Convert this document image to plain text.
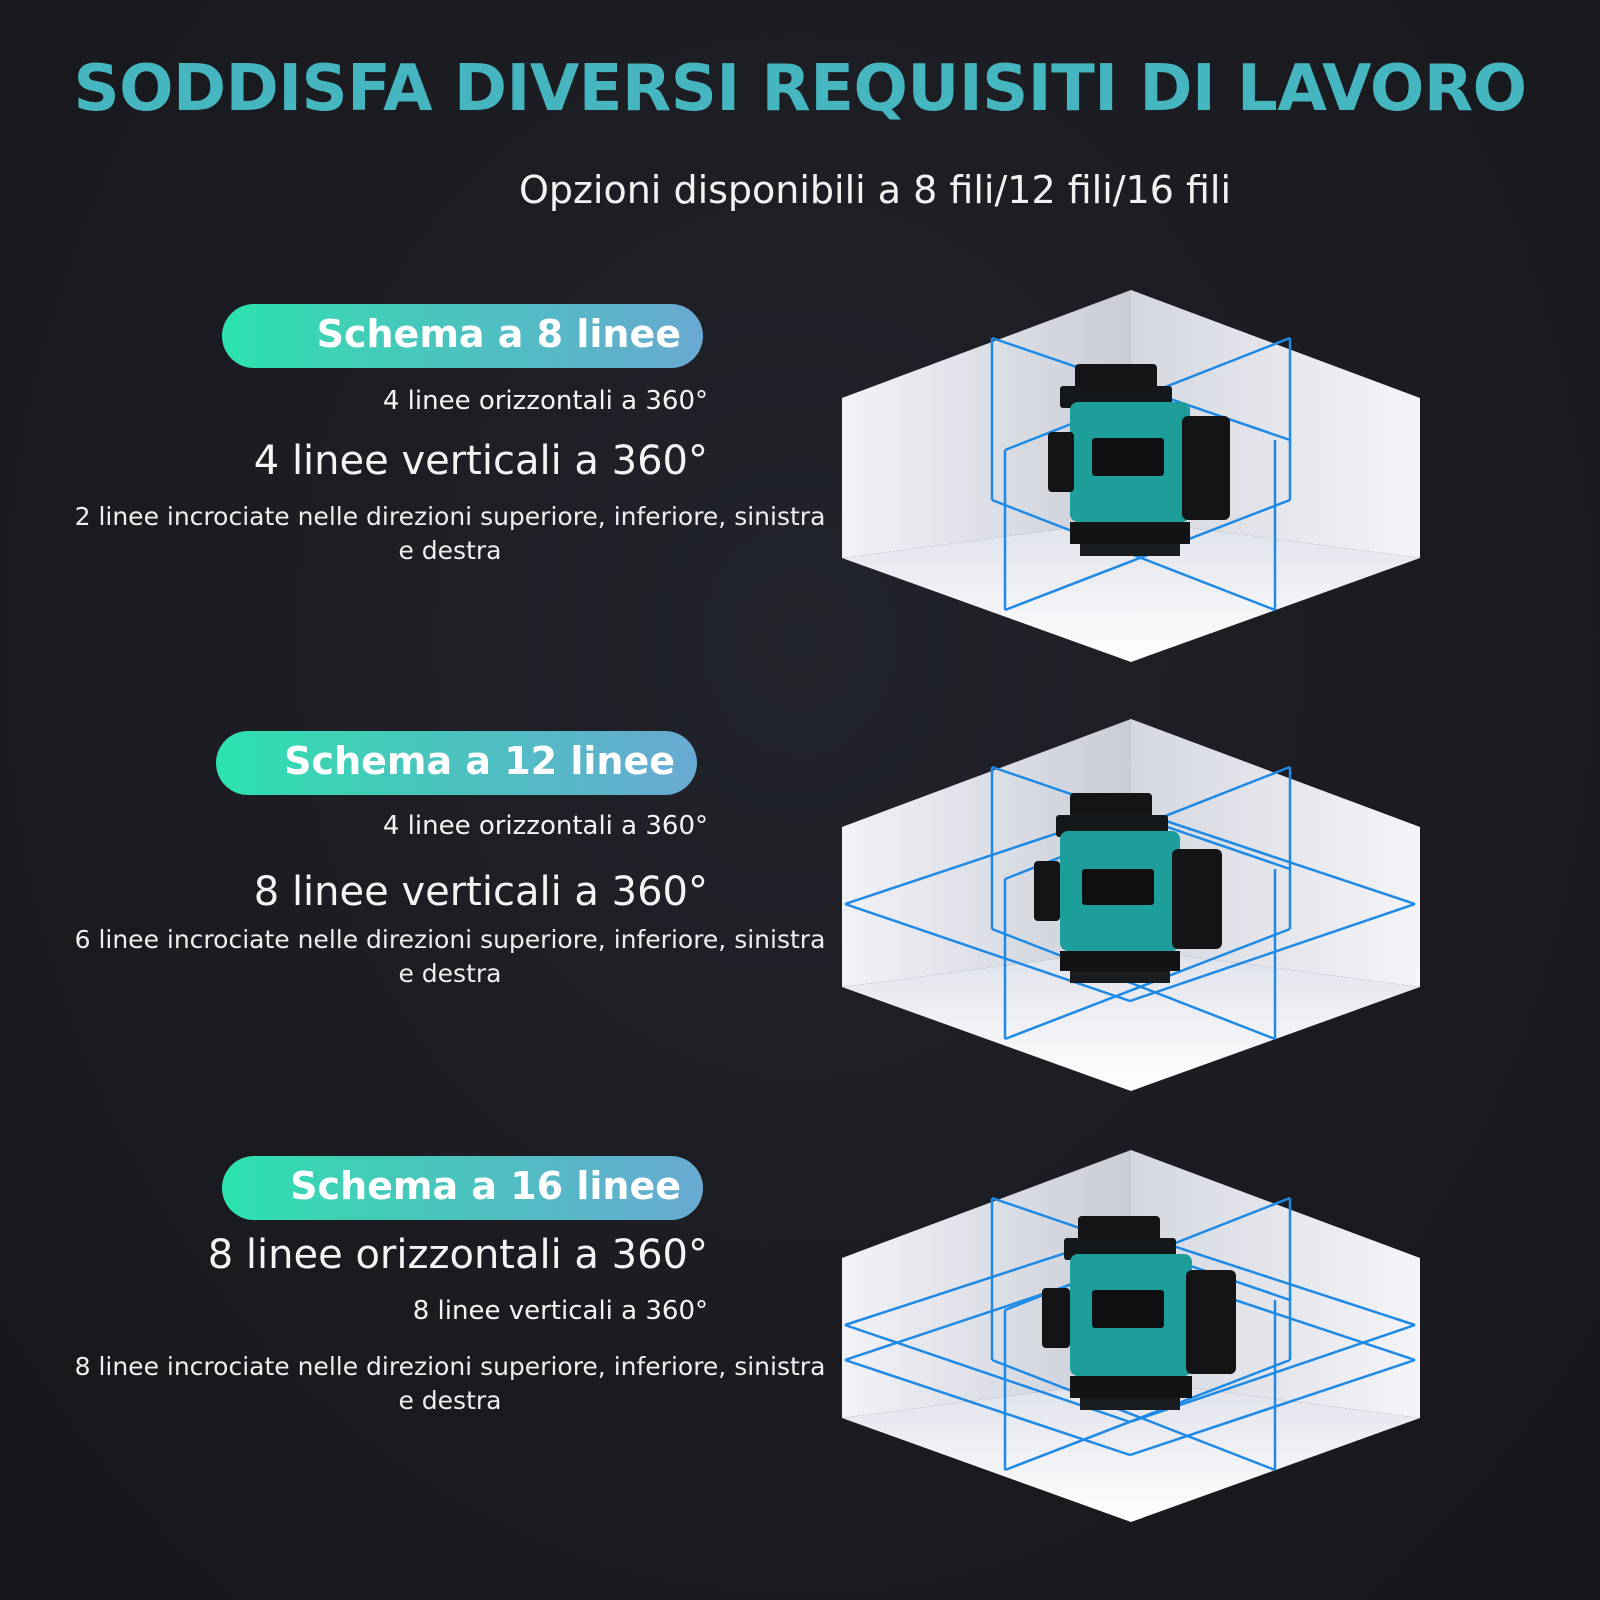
SODDISFA DIVERSI REQUISITI DI LAVORO
Opzioni disponibili a 8 fili/12 fili/16 fili
Schema a 8 linee
4 linee orizzontali a 360°
4 linee verticali a 360°
2 linee incrociate nelle direzioni superiore, inferiore, sinistra e destra
Schema a 12 linee
4 linee orizzontali a 360°
8 linee verticali a 360°
6 linee incrociate nelle direzioni superiore, inferiore, sinistra e destra
Schema a 16 linee
8 linee orizzontali a 360°
8 linee verticali a 360°
8 linee incrociate nelle direzioni superiore, inferiore, sinistra e destra
